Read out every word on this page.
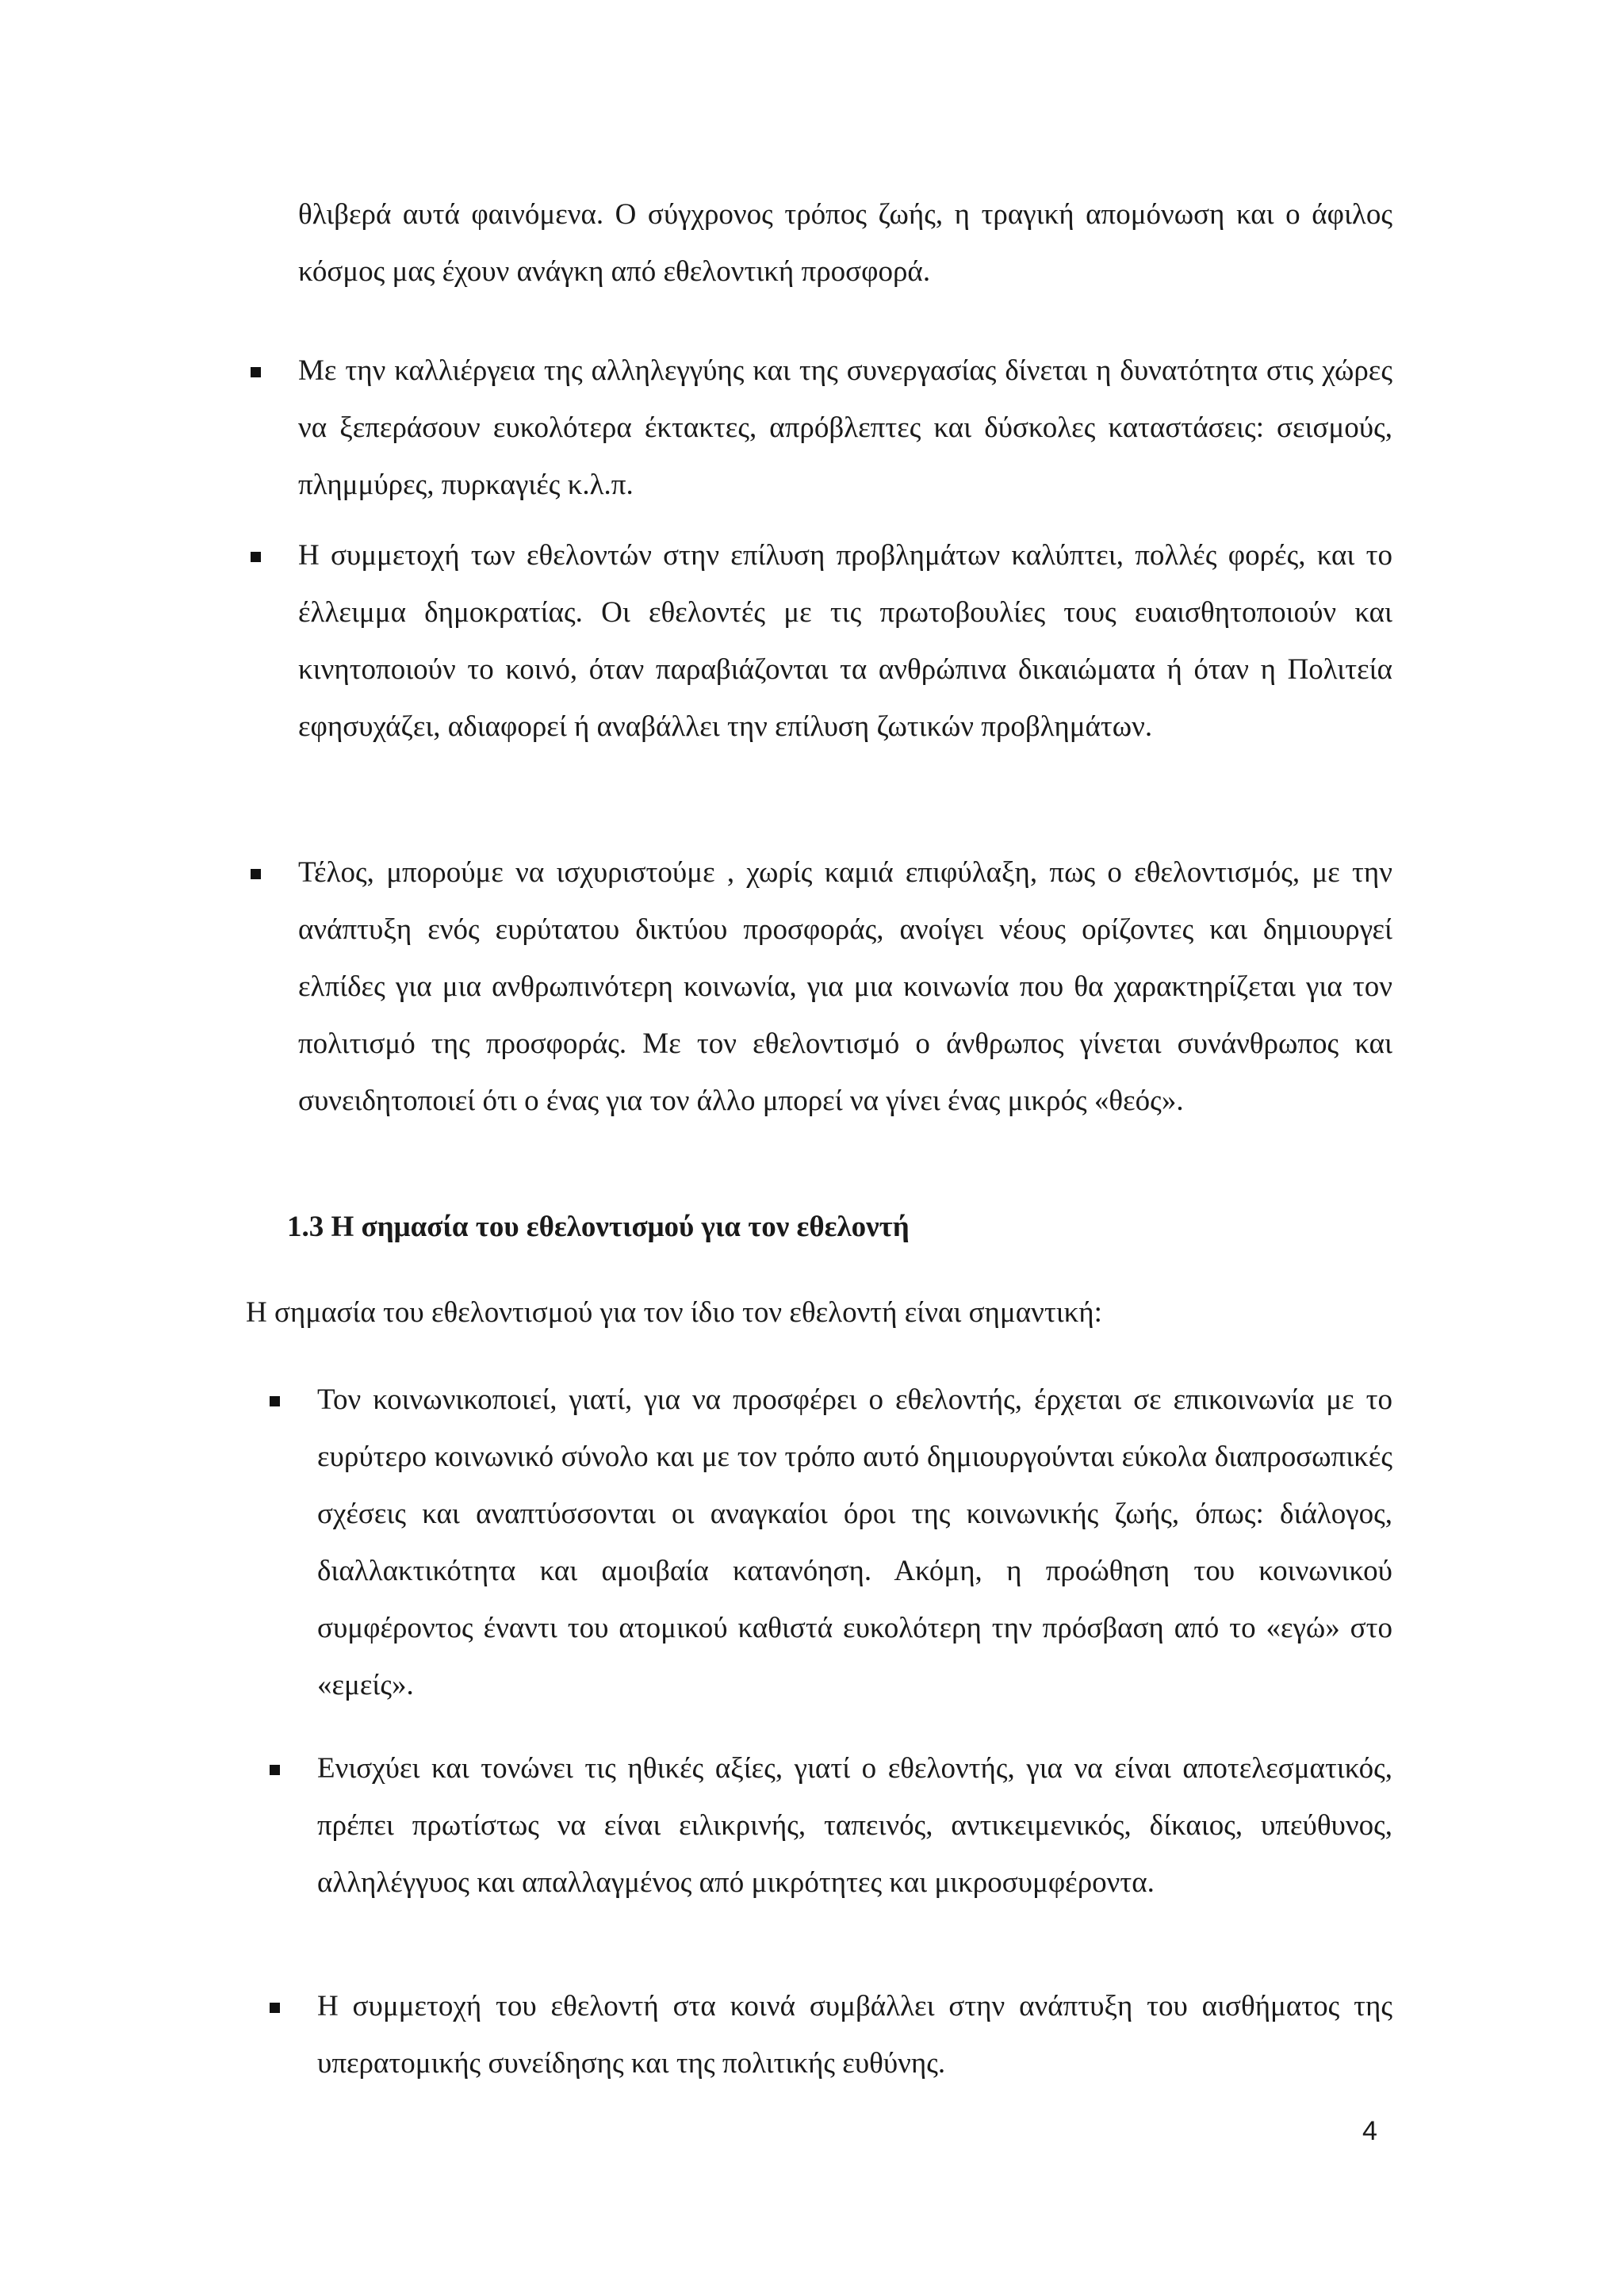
θλιβερά αυτά φαινόμενα. Ο σύγχρονος τρόπος ζωής, η τραγική απομόνωση και ο άφιλος κόσμος μας έχουν ανάγκη από εθελοντική προσφορά.

Με την καλλιέργεια της αλληλεγγύης και της συνεργασίας δίνεται η δυνατότητα στις χώρες να ξεπεράσουν ευκολότερα έκτακτες, απρόβλεπτες και δύσκολες καταστάσεις: σεισμούς, πλημμύρες, πυρκαγιές κ.λ.π.

Η συμμετοχή των εθελοντών στην επίλυση προβλημάτων καλύπτει, πολλές φορές, και το έλλειμμα δημοκρατίας. Οι εθελοντές με τις πρωτοβουλίες τους ευαισθητοποιούν και κινητοποιούν το κοινό, όταν παραβιάζονται τα ανθρώπινα δικαιώματα ή όταν η Πολιτεία εφησυχάζει, αδιαφορεί ή αναβάλλει την επίλυση ζωτικών προβλημάτων.

Τέλος, μπορούμε να ισχυριστούμε , χωρίς καμιά επιφύλαξη, πως ο εθελοντισμός, με την ανάπτυξη ενός ευρύτατου δικτύου προσφοράς, ανοίγει νέους ορίζοντες και δημιουργεί ελπίδες για μια ανθρωπινότερη κοινωνία, για μια κοινωνία που θα χαρακτηρίζεται για τον πολιτισμό της προσφοράς. Με τον εθελοντισμό ο άνθρωπος γίνεται συνάνθρωπος και συνειδητοποιεί ότι ο ένας για τον άλλο μπορεί να γίνει ένας μικρός «θεός».

1.3 Η σημασία του εθελοντισμού για τον εθελοντή

Η σημασία του εθελοντισμού για τον ίδιο τον εθελοντή είναι σημαντική:

Τον κοινωνικοποιεί, γιατί, για να προσφέρει ο εθελοντής, έρχεται σε επικοινωνία με το ευρύτερο κοινωνικό σύνολο και με τον τρόπο αυτό δημιουργούνται εύκολα διαπροσωπικές σχέσεις και αναπτύσσονται οι αναγκαίοι όροι της κοινωνικής ζωής, όπως: διάλογος, διαλλακτικότητα και αμοιβαία κατανόηση. Ακόμη, η προώθηση του κοινωνικού συμφέροντος έναντι του ατομικού καθιστά ευκολότερη την πρόσβαση από το «εγώ» στο «εμείς».

Ενισχύει και τονώνει τις ηθικές αξίες, γιατί ο εθελοντής, για να είναι αποτελεσματικός, πρέπει πρωτίστως να είναι ειλικρινής, ταπεινός, αντικειμενικός, δίκαιος, υπεύθυνος, αλληλέγγυος και απαλλαγμένος από μικρότητες και μικροσυμφέροντα.

Η συμμετοχή του εθελοντή στα κοινά συμβάλλει στην ανάπτυξη του αισθήματος της υπερατομικής συνείδησης και της πολιτικής ευθύνης.

4
